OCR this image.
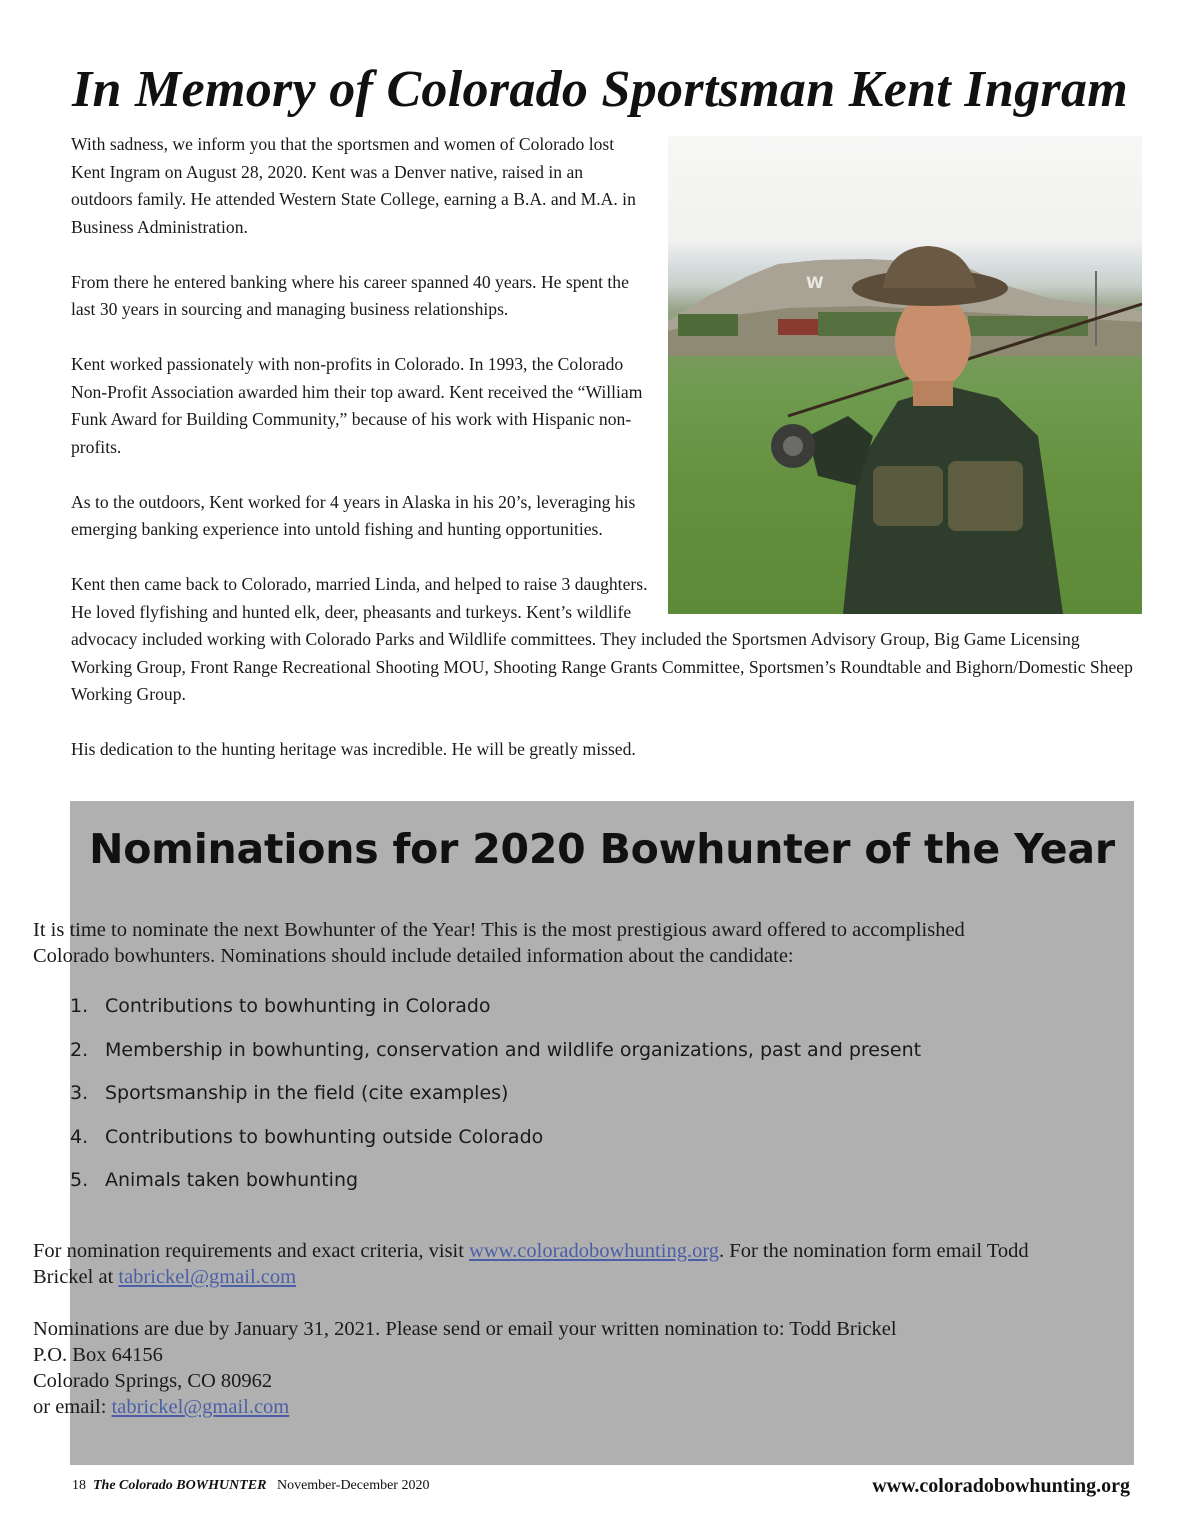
In Memory of Colorado Sportsman Kent Ingram
W

With sadness, we inform you that the sportsmen and women of Colorado lost Kent Ingram on August 28, 2020. Kent was a Denver native, raised in an outdoors family. He attended Western State College, earning a B.A. and M.A. in Business Administration.

From there he entered banking where his career spanned 40 years. He spent the last 30 years in sourcing and managing business relationships.

Kent worked passionately with non-profits in Colorado. In 1993, the Colorado Non-Profit Association awarded him their top award. Kent received the “William Funk Award for Building Community,” because of his work with Hispanic non-profits.

As to the outdoors, Kent worked for 4 years in Alaska in his 20’s, leveraging his emerging banking experience into untold fishing and hunting opportunities.

Kent then came back to Colorado, married Linda, and helped to raise 3 daughters. He loved flyfishing and hunted elk, deer, pheasants and turkeys. Kent’s wildlife advocacy included working with Colorado Parks and Wildlife committees. They included the Sportsmen Advisory Group, Big Game Licensing Working Group, Front Range Recreational Shooting MOU, Shooting Range Grants Committee, Sportsmen’s Roundtable and Bighorn/Domestic Sheep Working Group.

His dedication to the hunting heritage was incredible. He will be greatly missed.

Nominations for 2020 Bowhunter of the Year

It is time to nominate the next Bowhunter of the Year! This is the most prestigious award offered to accomplished Colorado bowhunters. Nominations should include detailed information about the candidate:

1. Contributions to bowhunting in Colorado
2. Membership in bowhunting, conservation and wildlife organizations, past and present
3. Sportsmanship in the field (cite examples)
4. Contributions to bowhunting outside Colorado
5. Animals taken bowhunting

For nomination requirements and exact criteria, visit www.coloradobowhunting.org. For the nomination form email Todd Brickel at tabrickel@gmail.com

Nominations are due by January 31, 2021. Please send or email your written nomination to: Todd Brickel
P.O. Box 64156
Colorado Springs, CO 80962
or email: tabrickel@gmail.com

18 The Colorado BOWHUNTER November-December 2020	www.coloradobowhunting.org
